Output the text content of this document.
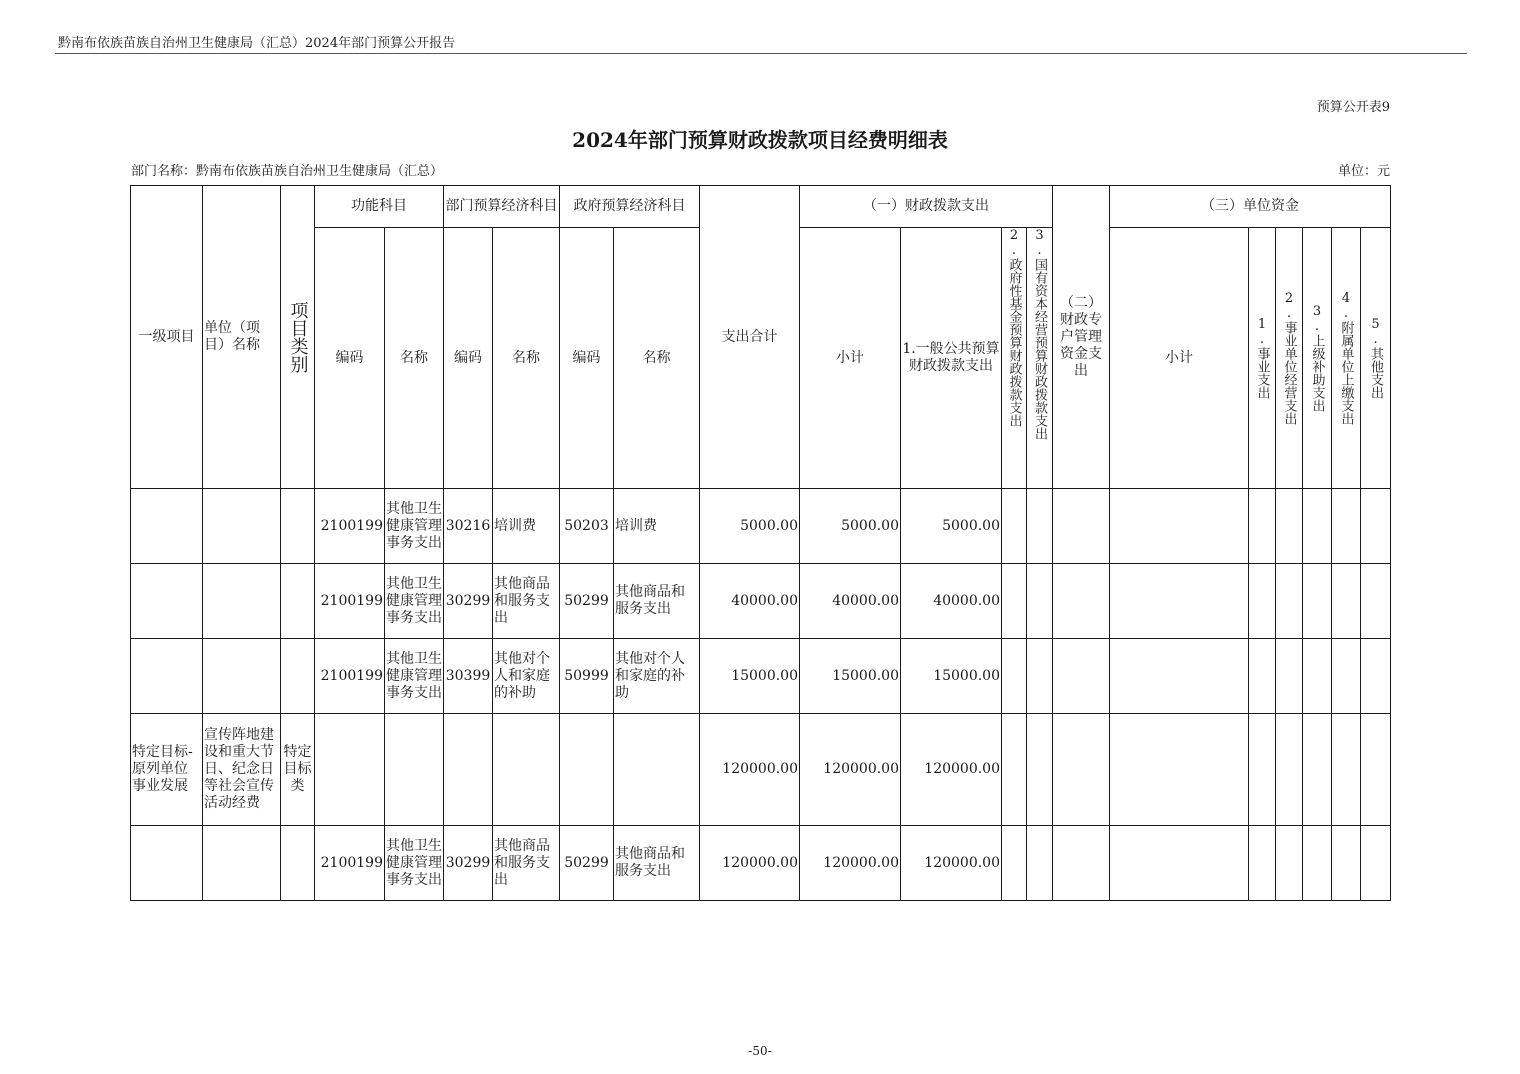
黔南布依族苗族自治州卫生健康局（汇总）2024年部门预算公开报告
预算公开表9
2024年部门预算财政拨款项目经费明细表
部门名称：黔南布依族苗族自治州卫生健康局（汇总）	单位：元
一级项目	单位（项目）名称	项目类别	功能科目		部门预算经济科目		政府预算经济科目		支出合计	（一）财政拨款支出				（二）财政专户管理资金支出	（三）单位资金					
			编码	名称	编码	名称	编码	名称		小计	1.一般公共预算财政拨款支出	2.政府性基金预算财政拨款支出	3.国有资本经营预算财政拨款支出		小计	1.事业支出	2.事业单位经营支出	3.上级补助支出	4.附属单位上缴支出	5.其他支出

			2100199	其他卫生健康管理事务支出	30216	培训费	50203	培训费	5000.00	5000.00	5000.00									
			2100199	其他卫生健康管理事务支出	30299	其他商品和服务支出	50299	其他商品和服务支出	40000.00	40000.00	40000.00									
			2100199	其他卫生健康管理事务支出	30399	其他对个人和家庭的补助	50999	其他对个人和家庭的补助	15000.00	15000.00	15000.00									
特定目标-原列单位事业发展	宣传阵地建设和重大节日、纪念日等社会宣传活动经费	特定目标类							120000.00	120000.00	120000.00									
			2100199	其他卫生健康管理事务支出	30299	其他商品和服务支出	50299	其他商品和服务支出	120000.00	120000.00	120000.00									
-50-
